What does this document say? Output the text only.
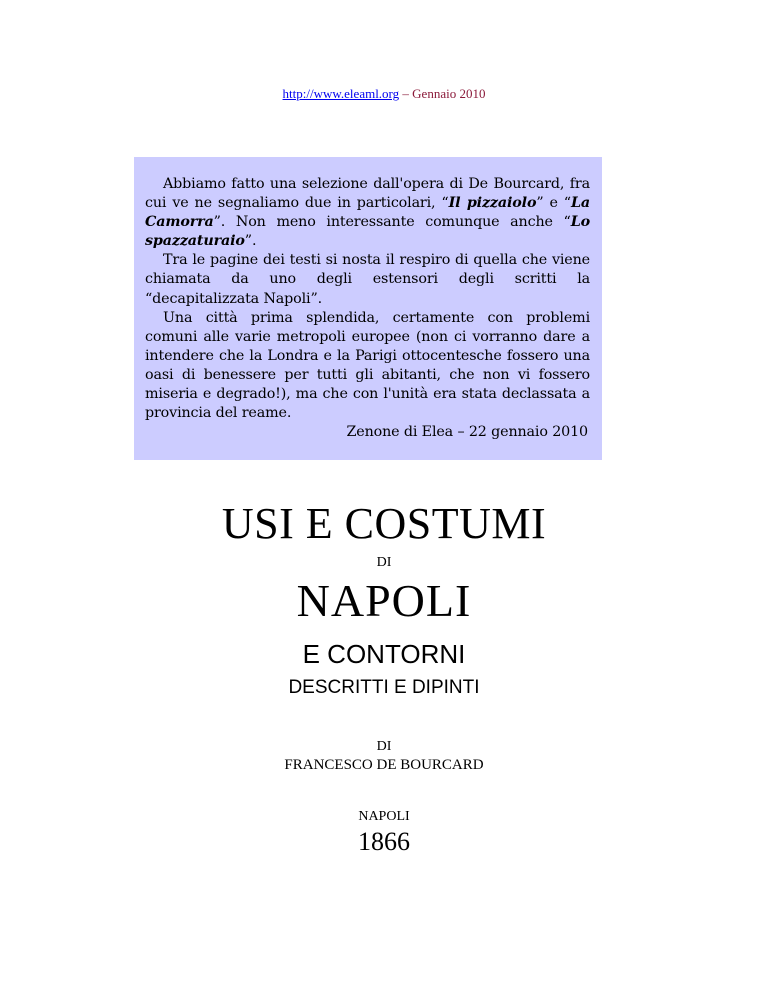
http://www.eleaml.org – Gennaio 2010

Abbiamo fatto una selezione dall'opera di De Bourcard, fra cui ve ne segnaliamo due in particolari, “Il pizzaiolo” e “La Camorra”. Non meno interessante comunque anche “Lo spazzaturaio”.

Tra le pagine dei testi si nosta il respiro di quella che viene chiamata da uno degli estensori degli scritti la “decapitalizzata Napoli”.

Una città prima splendida, certamente con problemi comuni alle varie metropoli europee (non ci vorranno dare a intendere che la Londra e la Parigi ottocentesche fossero una oasi di benessere per tutti gli abitanti, che non vi fossero miseria e degrado!), ma che con l'unità era stata declassata a provincia del reame.

Zenone di Elea – 22 gennaio 2010

USI E COSTUMI
DI
NAPOLI
E CONTORNI
DESCRITTI E DIPINTI
DI
FRANCESCO DE BOURCARD
NAPOLI
1866
